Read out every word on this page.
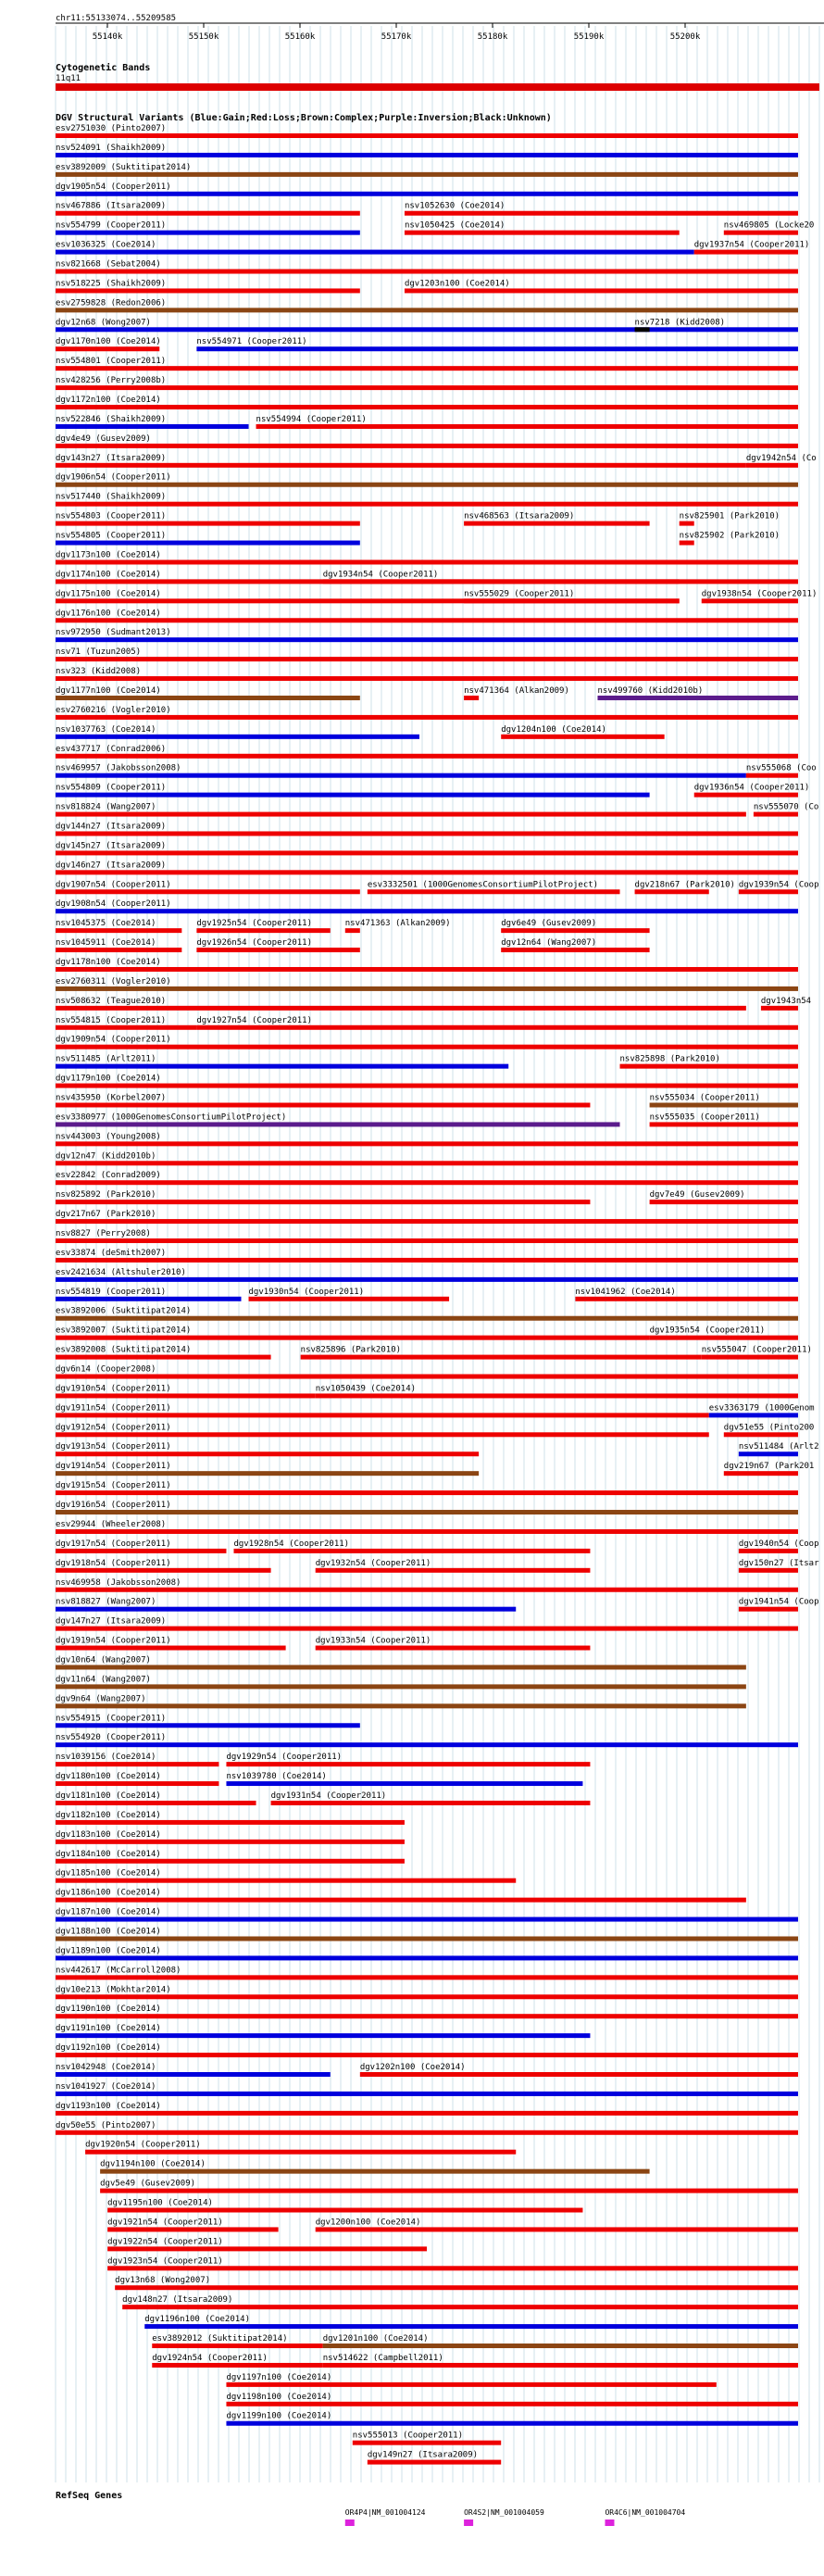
chr11:55133074..55209585
55140k	55150k	55160k	55170k	55180k	55190k	55200k
Cytogenetic Bands
11q11
DGV Structural Variants (Blue:Gain;Red:Loss;Brown:Complex;Purple:Inversion;Black:Unknown)
esv2751030 (Pinto2007)
nsv524091 (Shaikh2009)
esv3892009 (Suktitipat2014)
dgv1905n54 (Cooper2011)
nsv467886 (Itsara2009)	nsv1052630 (Coe2014)
nsv554799 (Cooper2011)	nsv1050425 (Coe2014)	nsv469805 (Locke20
esv1036325 (Coe2014)	dgv1937n54 (Cooper2011)
nsv821668 (Sebat2004)
nsv518225 (Shaikh2009)	dgv1203n100 (Coe2014)
esv2759828 (Redon2006)
dgv12n68 (Wong2007)	nsv7218 (Kidd2008)
dgv1170n100 (Coe2014)	nsv554971 (Cooper2011)
nsv554801 (Cooper2011)
nsv428256 (Perry2008b)
dgv1172n100 (Coe2014)
nsv522846 (Shaikh2009)	nsv554994 (Cooper2011)
dgv4e49 (Gusev2009)
dgv143n27 (Itsara2009)	dgv1942n54 (Co
dgv1906n54 (Cooper2011)
nsv517440 (Shaikh2009)
nsv554803 (Cooper2011)	nsv468563 (Itsara2009)	nsv825901 (Park2010)
nsv554805 (Cooper2011)	nsv825902 (Park2010)
dgv1173n100 (Coe2014)
dgv1174n100 (Coe2014)	dgv1934n54 (Cooper2011)
dgv1175n100 (Coe2014)	nsv555029 (Cooper2011)	dgv1938n54 (Cooper2011)
dgv1176n100 (Coe2014)
nsv972950 (Sudmant2013)
nsv71 (Tuzun2005)
nsv323 (Kidd2008)
dgv1177n100 (Coe2014)	nsv471364 (Alkan2009)	nsv499760 (Kidd2010b)
esv2760216 (Vogler2010)
nsv1037763 (Coe2014)	dgv1204n100 (Coe2014)
esv437717 (Conrad2006)
nsv469957 (Jakobsson2008)	nsv555068 (Coo
nsv554809 (Cooper2011)	dgv1936n54 (Cooper2011)
nsv818824 (Wang2007)	nsv555070 (Co
dgv144n27 (Itsara2009)
dgv145n27 (Itsara2009)
dgv146n27 (Itsara2009)
dgv1907n54 (Cooper2011)	esv3332501 (1000GenomesConsortiumPilotProject)	dgv218n67 (Park2010) dgv1939n54 (Coop
dgv1908n54 (Cooper2011)
nsv1045375 (Coe2014)	dgv1925n54 (Cooper2011)	nsv471363 (Alkan2009)	dgv6e49 (Gusev2009)
nsv1045911 (Coe2014)	dgv1926n54 (Cooper2011)	dgv12n64 (Wang2007)
dgv1178n100 (Coe2014)
esv2760311 (Vogler2010)
nsv508632 (Teague2010)	dgv1943n54
nsv554815 (Cooper2011)	dgv1927n54 (Cooper2011)
dgv1909n54 (Cooper2011)
nsv511485 (Arlt2011)	nsv825898 (Park2010)
dgv1179n100 (Coe2014)
nsv435950 (Korbel2007)	nsv555034 (Cooper2011)
esv3380977 (1000GenomesConsortiumPilotProject)	nsv555035 (Cooper2011)
nsv443003 (Young2008)
dgv12n47 (Kidd2010b)
esv22842 (Conrad2009)
nsv825892 (Park2010)	dgv7e49 (Gusev2009)
dgv217n67 (Park2010)
nsv8827 (Perry2008)
esv33874 (deSmith2007)
esv2421634 (Altshuler2010)
nsv554819 (Cooper2011)	dgv1930n54 (Cooper2011)	nsv1041962 (Coe2014)
esv3892006 (Suktitipat2014)
esv3892007 (Suktitipat2014)	dgv1935n54 (Cooper2011)
esv3892008 (Suktitipat2014)	nsv825896 (Park2010)	nsv555047 (Cooper2011)
dgv6n14 (Cooper2008)
dgv1910n54 (Cooper2011)	nsv1050439 (Coe2014)
dgv1911n54 (Cooper2011)	esv3363179 (1000Genom
dgv1912n54 (Cooper2011)	dgv51e55 (Pinto200
dgv1913n54 (Cooper2011)	nsv511484 (Arlt2
dgv1914n54 (Cooper2011)	dgv219n67 (Park201
dgv1915n54 (Cooper2011)
dgv1916n54 (Cooper2011)
esv29944 (Wheeler2008)
dgv1917n54 (Cooper2011)	dgv1928n54 (Cooper2011)	dgv1940n54 (Coop
dgv1918n54 (Cooper2011)	dgv1932n54 (Cooper2011)	dgv150n27 (Itsar
nsv469958 (Jakobsson2008)
nsv818827 (Wang2007)	dgv1941n54 (Coop
dgv147n27 (Itsara2009)
dgv1919n54 (Cooper2011)	dgv1933n54 (Cooper2011)
dgv10n64 (Wang2007)
dgv11n64 (Wang2007)
dgv9n64 (Wang2007)
nsv554915 (Cooper2011)
nsv554920 (Cooper2011)
nsv1039156 (Coe2014)	dgv1929n54 (Cooper2011)
dgv1180n100 (Coe2014)	nsv1039780 (Coe2014)
dgv1181n100 (Coe2014)	dgv1931n54 (Cooper2011)
dgv1182n100 (Coe2014)
dgv1183n100 (Coe2014)
dgv1184n100 (Coe2014)
dgv1185n100 (Coe2014)
dgv1186n100 (Coe2014)
dgv1187n100 (Coe2014)
dgv1188n100 (Coe2014)
dgv1189n100 (Coe2014)
nsv442617 (McCarroll2008)
dgv10e213 (Mokhtar2014)
dgv1190n100 (Coe2014)
dgv1191n100 (Coe2014)
dgv1192n100 (Coe2014)
nsv1042948 (Coe2014)	dgv1202n100 (Coe2014)
nsv1041927 (Coe2014)
dgv1193n100 (Coe2014)
dgv50e55 (Pinto2007)
dgv1920n54 (Cooper2011)
dgv1194n100 (Coe2014)
dgv5e49 (Gusev2009)
dgv1195n100 (Coe2014)
dgv1921n54 (Cooper2011)	dgv1200n100 (Coe2014)
dgv1922n54 (Cooper2011)
dgv1923n54 (Cooper2011)
dgv13n68 (Wong2007)
dgv148n27 (Itsara2009)
dgv1196n100 (Coe2014)
esv3892012 (Suktitipat2014)	dgv1201n100 (Coe2014)
dgv1924n54 (Cooper2011)	nsv514622 (Campbell2011)
dgv1197n100 (Coe2014)
dgv1198n100 (Coe2014)
dgv1199n100 (Coe2014)
nsv555013 (Cooper2011)
dgv149n27 (Itsara2009)
RefSeq Genes
OR4P4|NM_001004124	OR4S2|NM_001004059	OR4C6|NM_001004704
